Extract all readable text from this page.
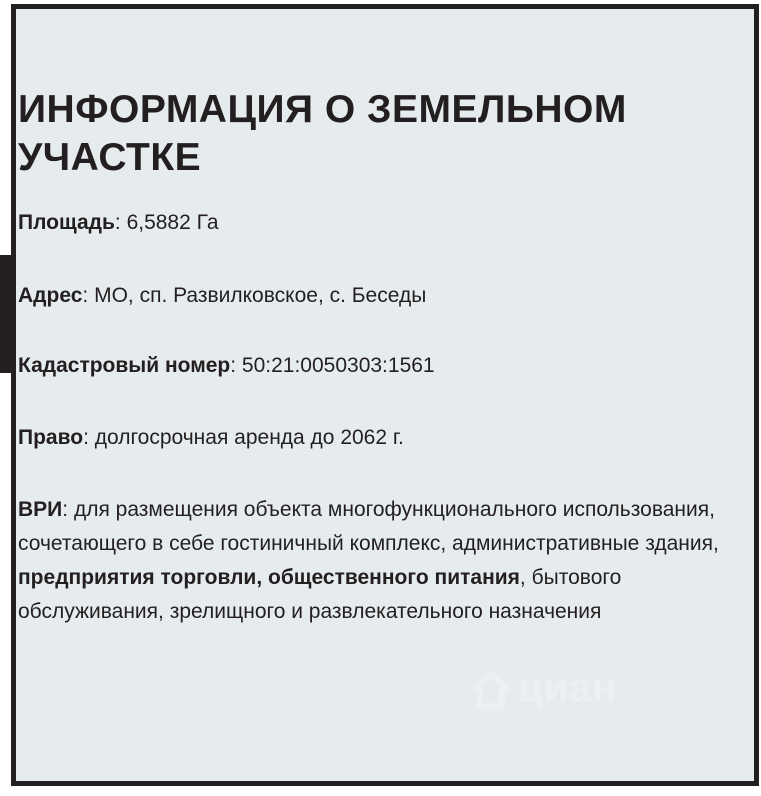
ИНФОРМАЦИЯ О ЗЕМЕЛЬНОМ
УЧАСТКЕ

Площадь: 6,5882 Га

Адрес: МО, сп. Развилковское, с. Беседы

Кадастровый номер: 50:21:0050303:1561

Право: долгосрочная аренда до 2062 г.

ВРИ: для размещения объекта многофункционального использования, сочетающего в себе гостиничный комплекс, административные здания, предприятия торговли, общественного питания, бытового обслуживания, зрелищного и развлекательного назначения

циан
